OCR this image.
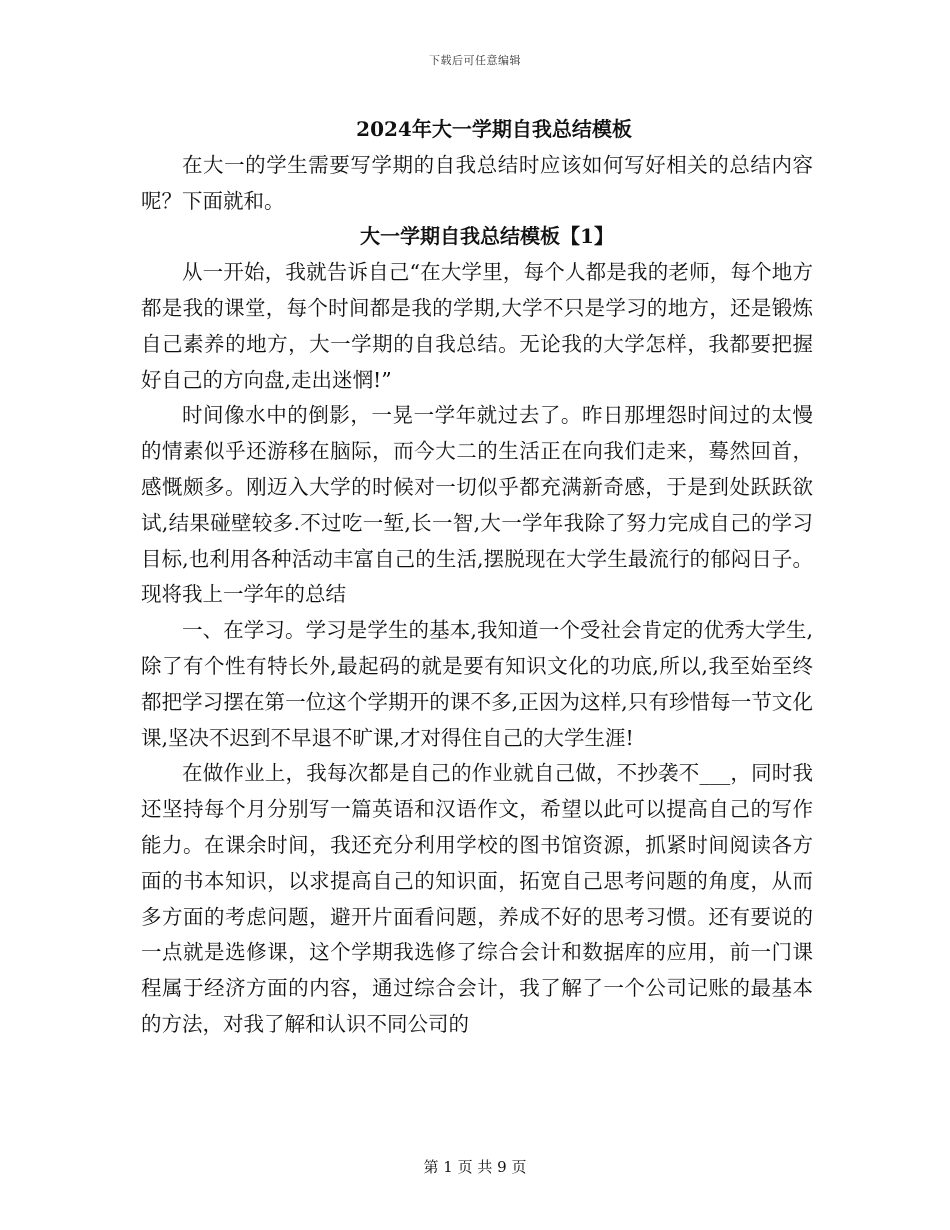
下载后可任意编辑
2024年大一学期自我总结模板

在大一的学生需要写学期的自我总结时应该如何写好相关的总结内容呢？下面就和。

大一学期自我总结模板【1】

从一开始，我就告诉自己“在大学里，每个人都是我的老师，每个地方都是我的课堂，每个时间都是我的学期,大学不只是学习的地方，还是锻炼自己素养的地方，大一学期的自我总结。无论我的大学怎样，我都要把握好自己的方向盘,走出迷惘!”

时间像水中的倒影，一晃一学年就过去了。昨日那埋怨时间过的太慢的情素似乎还游移在脑际，而今大二的生活正在向我们走来，蓦然回首，感慨颇多。刚迈入大学的时候对一切似乎都充满新奇感，于是到处跃跃欲试,结果碰壁较多.不过吃一堑,长一智,大一学年我除了努力完成自己的学习目标,也利用各种活动丰富自己的生活,摆脱现在大学生最流行的郁闷日子。现将我上一学年的总结

一、在学习。学习是学生的基本,我知道一个受社会肯定的优秀大学生,除了有个性有特长外,最起码的就是要有知识文化的功底,所以,我至始至终都把学习摆在第一位这个学期开的课不多,正因为这样,只有珍惜每一节文化课,坚决不迟到不早退不旷课,才对得住自己的大学生涯!

在做作业上，我每次都是自己的作业就自己做，不抄袭不___，同时我还坚持每个月分别写一篇英语和汉语作文，希望以此可以提高自己的写作能力。在课余时间，我还充分利用学校的图书馆资源，抓紧时间阅读各方面的书本知识，以求提高自己的知识面，拓宽自己思考问题的角度，从而多方面的考虑问题，避开片面看问题，养成不好的思考习惯。还有要说的一点就是选修课，这个学期我选修了综合会计和数据库的应用，前一门课程属于经济方面的内容，通过综合会计，我了解了一个公司记账的最基本的方法，对我了解和认识不同公司的

第 1 页 共 9 页
